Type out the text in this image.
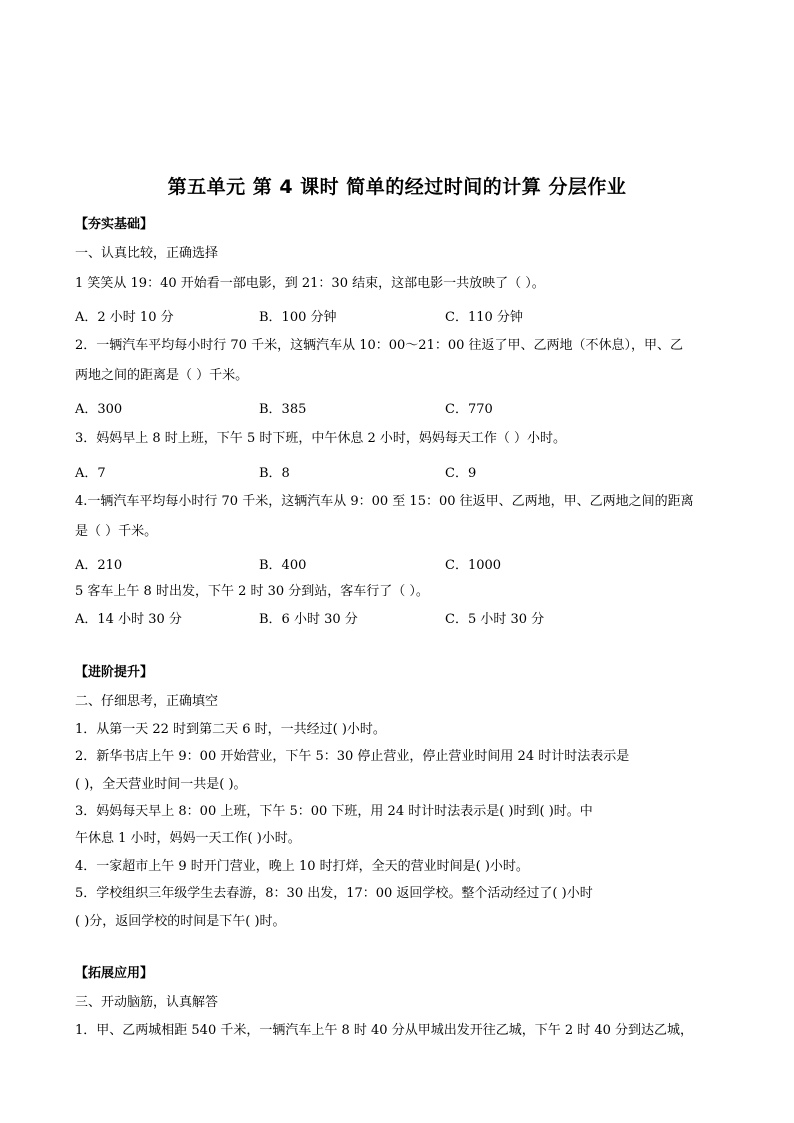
第五单元 第 4 课时 简单的经过时间的计算 分层作业
【夯实基础】
一、认真比较，正确选择
1 笑笑从 19：40 开始看一部电影，到 21：30 结束，这部电影一共放映了（ ）。
A．2 小时 10 分	B．100 分钟	C．110 分钟
2．一辆汽车平均每小时行 70 千米，这辆汽车从 10：00～21：00 往返了甲、乙两地（不休息），甲、乙
两地之间的距离是（ ）千米。
A．300	B．385	C．770
3．妈妈早上 8 时上班，下午 5 时下班，中午休息 2 小时，妈妈每天工作（ ）小时。
A．7	B．8	C．9
4.一辆汽车平均每小时行 70 千米，这辆汽车从 9：00 至 15：00 往返甲、乙两地，甲、乙两地之间的距离
是（ ）千米。
A．210	B．400	C．1000
5 客车上午 8 时出发，下午 2 时 30 分到站，客车行了（ ）。
A．14 小时 30 分	B．6 小时 30 分	C．5 小时 30 分
【进阶提升】
二、仔细思考，正确填空
1．从第一天 22 时到第二天 6 时，一共经过( )小时。
2．新华书店上午 9：00 开始营业，下午 5：30 停止营业，停止营业时间用 24 时计时法表示是
( )，全天营业时间一共是( )。
3．妈妈每天早上 8：00 上班，下午 5：00 下班，用 24 时计时法表示是( )时到( )时。中
午休息 1 小时，妈妈一天工作( )小时。
4．一家超市上午 9 时开门营业，晚上 10 时打烊，全天的营业时间是( )小时。
5．学校组织三年级学生去春游，8：30 出发，17：00 返回学校。整个活动经过了( )小时
( )分，返回学校的时间是下午( )时。
【拓展应用】
三、开动脑筋，认真解答
1．甲、乙两城相距 540 千米，一辆汽车上午 8 时 40 分从甲城出发开往乙城，下午 2 时 40 分到达乙城，
